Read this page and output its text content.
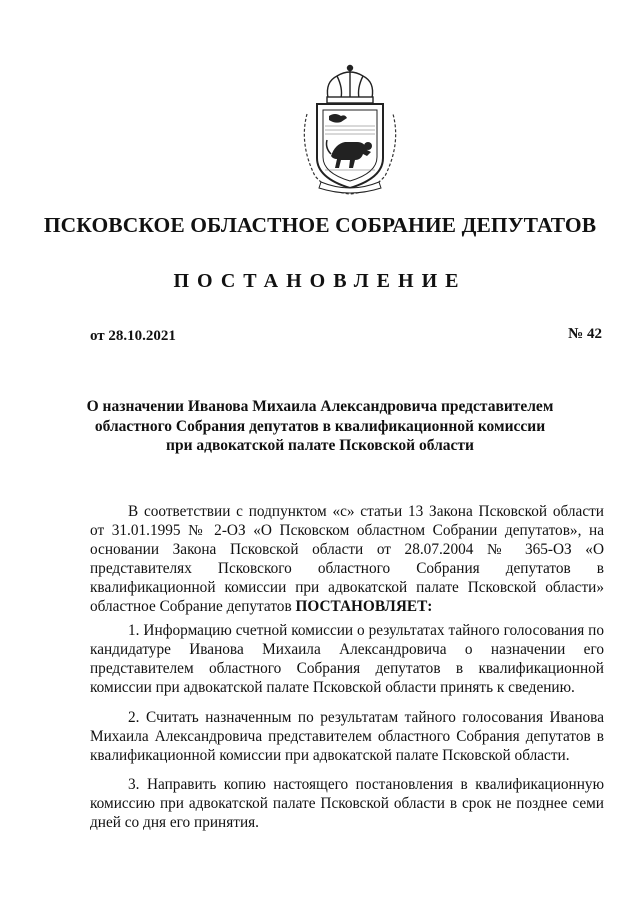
ПСКОВСКОЕ ОБЛАСТНОЕ СОБРАНИЕ ДЕПУТАТОВ
ПОСТАНОВЛЕНИЕ
от 28.10.2021	№ 42
О назначении Иванова Михаила Александровича представителем
областного Собрания депутатов в квалификационной комиссии
при адвокатской палате Псковской области
В соответствии с подпунктом «с» статьи 13 Закона Псковской области от 31.01.1995 № 2-ОЗ «О Псковском областном Собрании депутатов», на основании Закона Псковской области от 28.07.2004 № 365-ОЗ «О представителях Псковского областного Собрания депутатов в квалификационной комиссии при адвокатской палате Псковской области» областное Собрание депутатов ПОСТАНОВЛЯЕТ:
1. Информацию счетной комиссии о результатах тайного голосования по кандидатуре Иванова Михаила Александровича о назначении его представителем областного Собрания депутатов в квалификационной комиссии при адвокатской палате Псковской области принять к сведению.
2. Считать назначенным по результатам тайного голосования Иванова Михаила Александровича представителем областного Собрания депутатов в квалификационной комиссии при адвокатской палате Псковской области.
3. Направить копию настоящего постановления в квалификационную комиссию при адвокатской палате Псковской области в срок не позднее семи дней со дня его принятия.
